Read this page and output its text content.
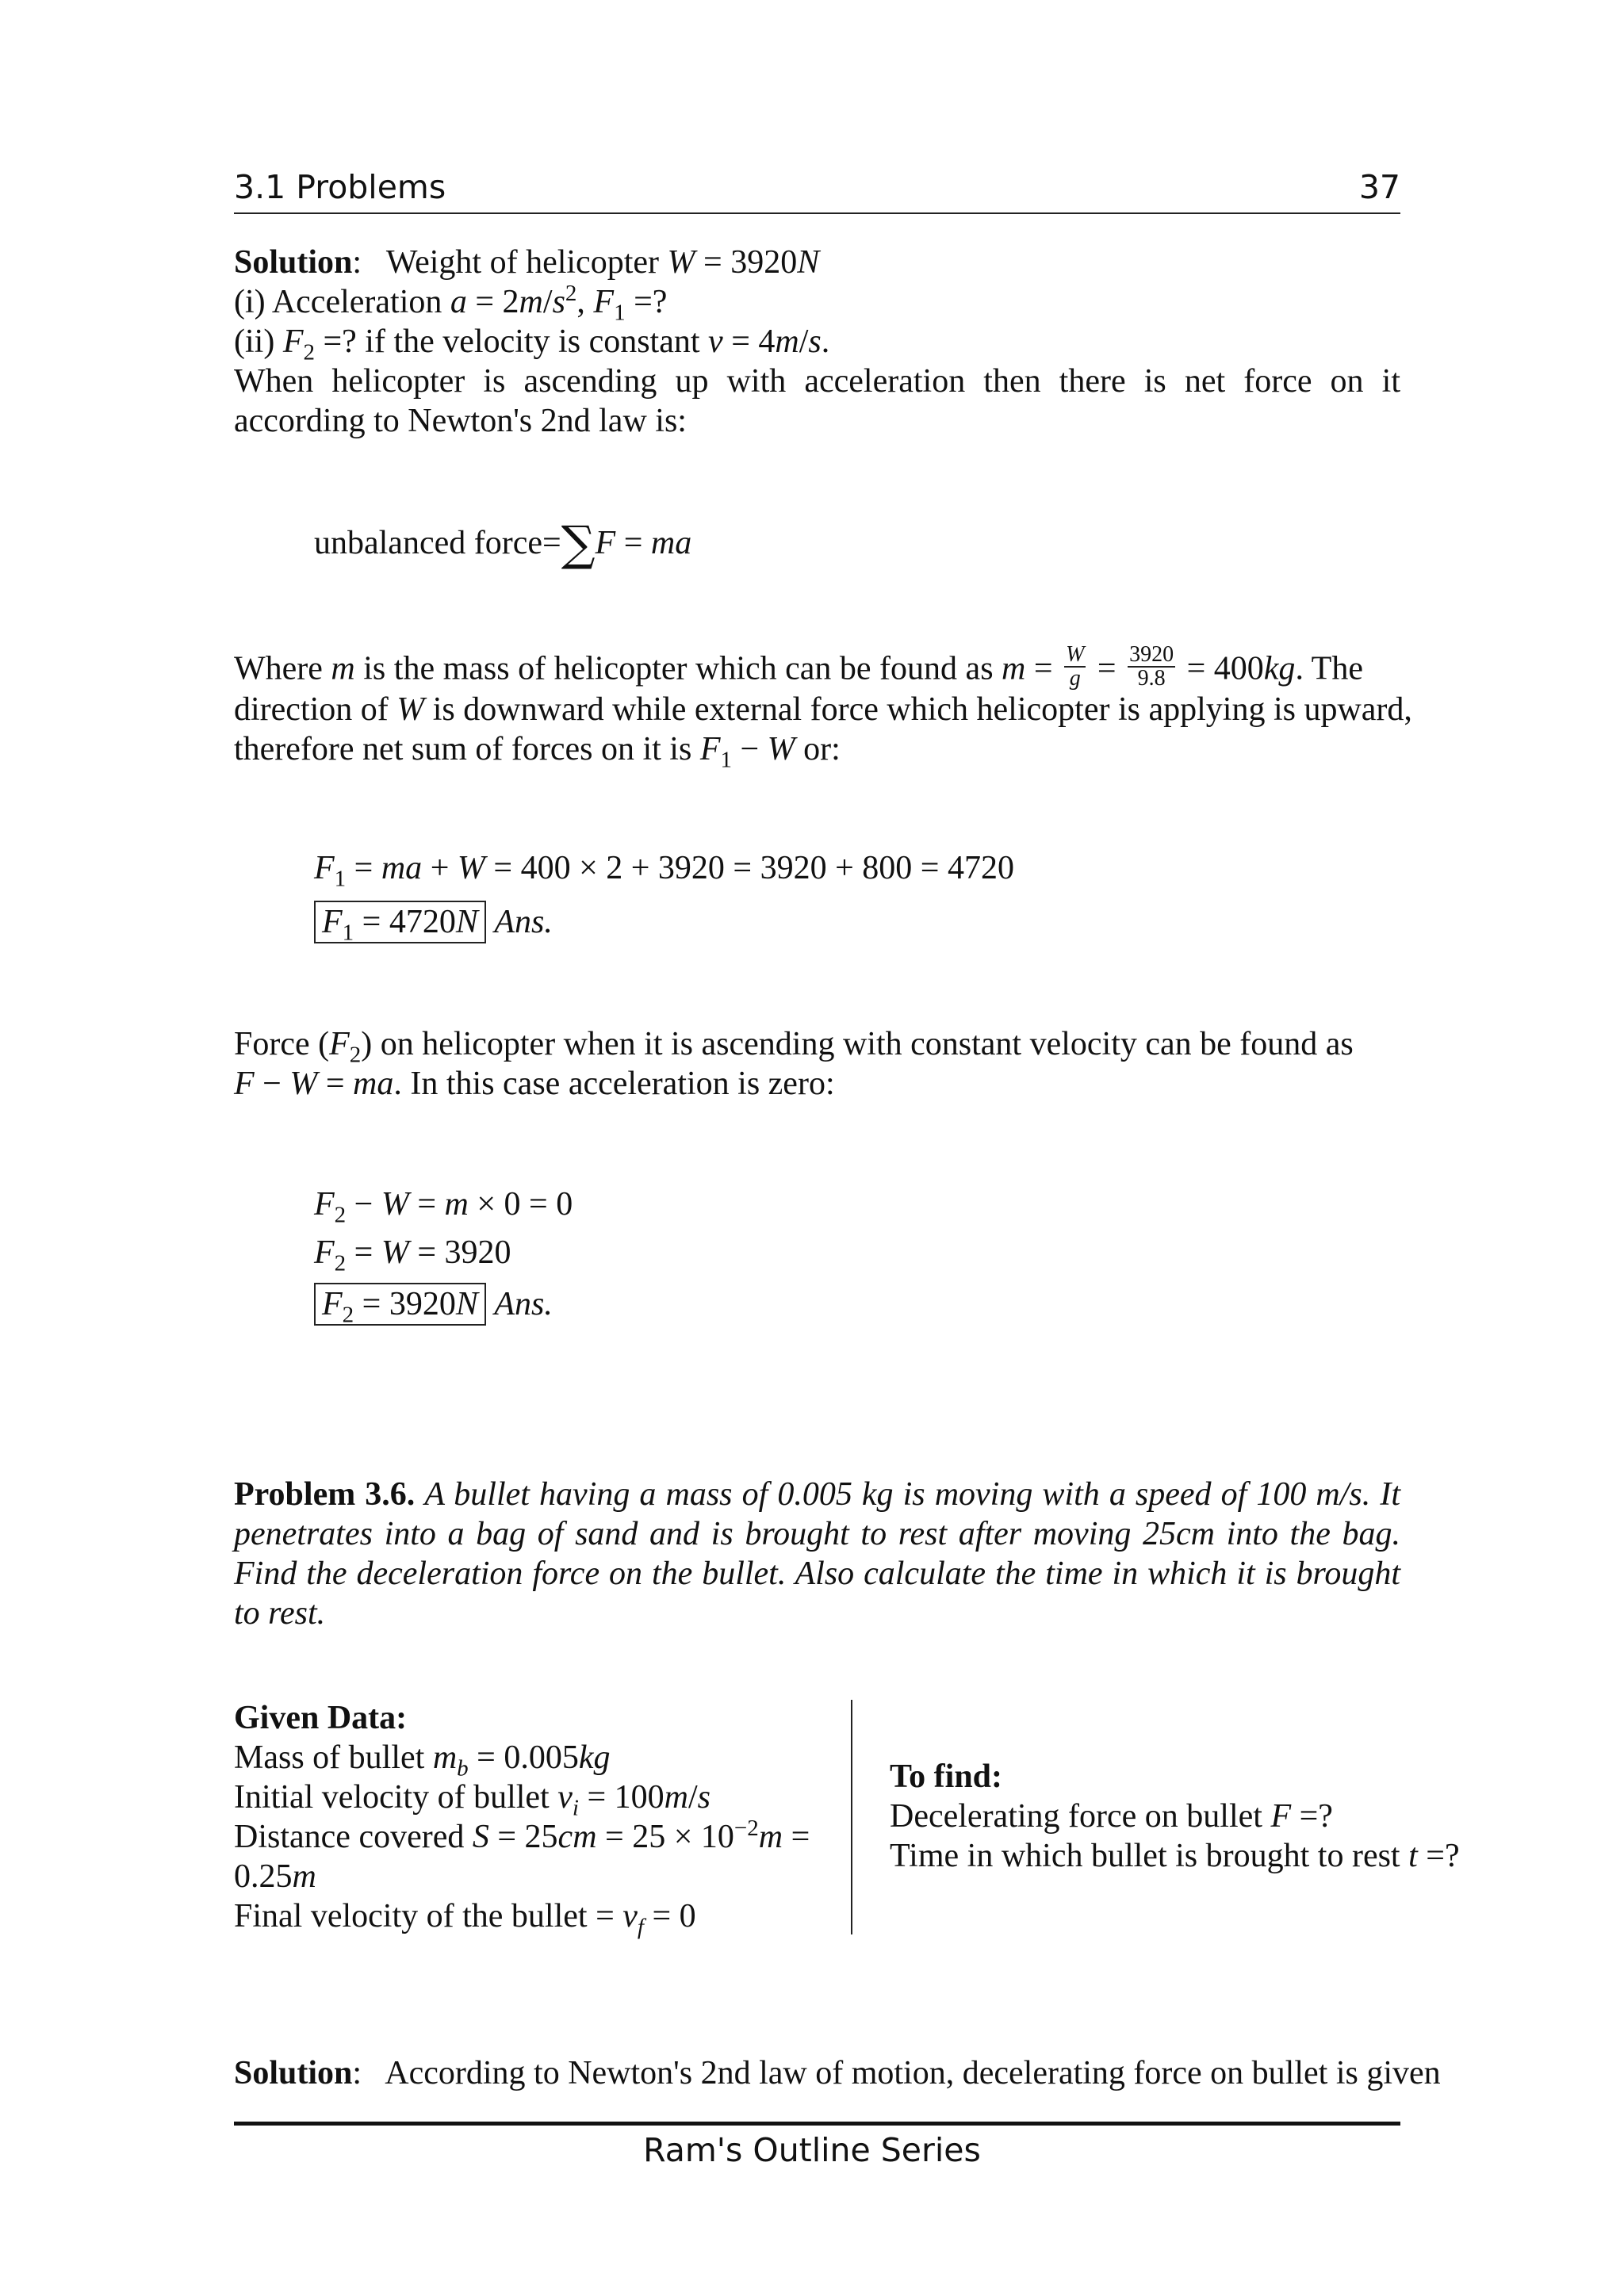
3.1 Problems	37
Solution:   Weight of helicopter W = 3920N
(i) Acceleration $a = 2m/s^2$, $F_1$ =?
(ii) $F_2$ =? if the velocity is constant v = 4m/s.
When helicopter is ascending up with acceleration then there is net force on it according to Newton's 2nd law is:
unbalanced force=∑F = ma
Where m is the mass of helicopter which can be found as $m = \frac{W}{g} = \frac{3920}{9.8} = 400kg$. The
direction of W is downward while external force which helicopter is applying is upward,
therefore net sum of forces on it is $F_1 - W$ or:
$F_1$ = ma + W = 400 × 2 + 3920 = 3920 + 800 = 4720
$F_1 = 4720N$ Ans.
Force $(F_2)$ on helicopter when it is ascending with constant velocity can be found as
F − W = ma. In this case acceleration is zero:
$F_2 - W = m \times 0 = 0$
$F_2 = W = 3920$
$F_2 = 3920N$ Ans.
Problem 3.6. A bullet having a mass of 0.005 kg is moving with a speed of 100 m/s. It penetrates into a bag of sand and is brought to rest after moving 25cm into the bag. Find the deceleration force on the bullet. Also calculate the time in which it is brought to rest.
Given Data:
Mass of bullet $m_b = 0.005kg$
Initial velocity of bullet $v_i = 100m/s$
Distance covered $S = 25cm = 25 \times 10^{-2}m$ =
0.25m
Final velocity of the bullet = $v_f = 0$
To find:
Decelerating force on bullet F =?
Time in which bullet is brought to rest t =?
Solution:   According to Newton's 2nd law of motion, decelerating force on bullet is given
Ram's Outline Series
